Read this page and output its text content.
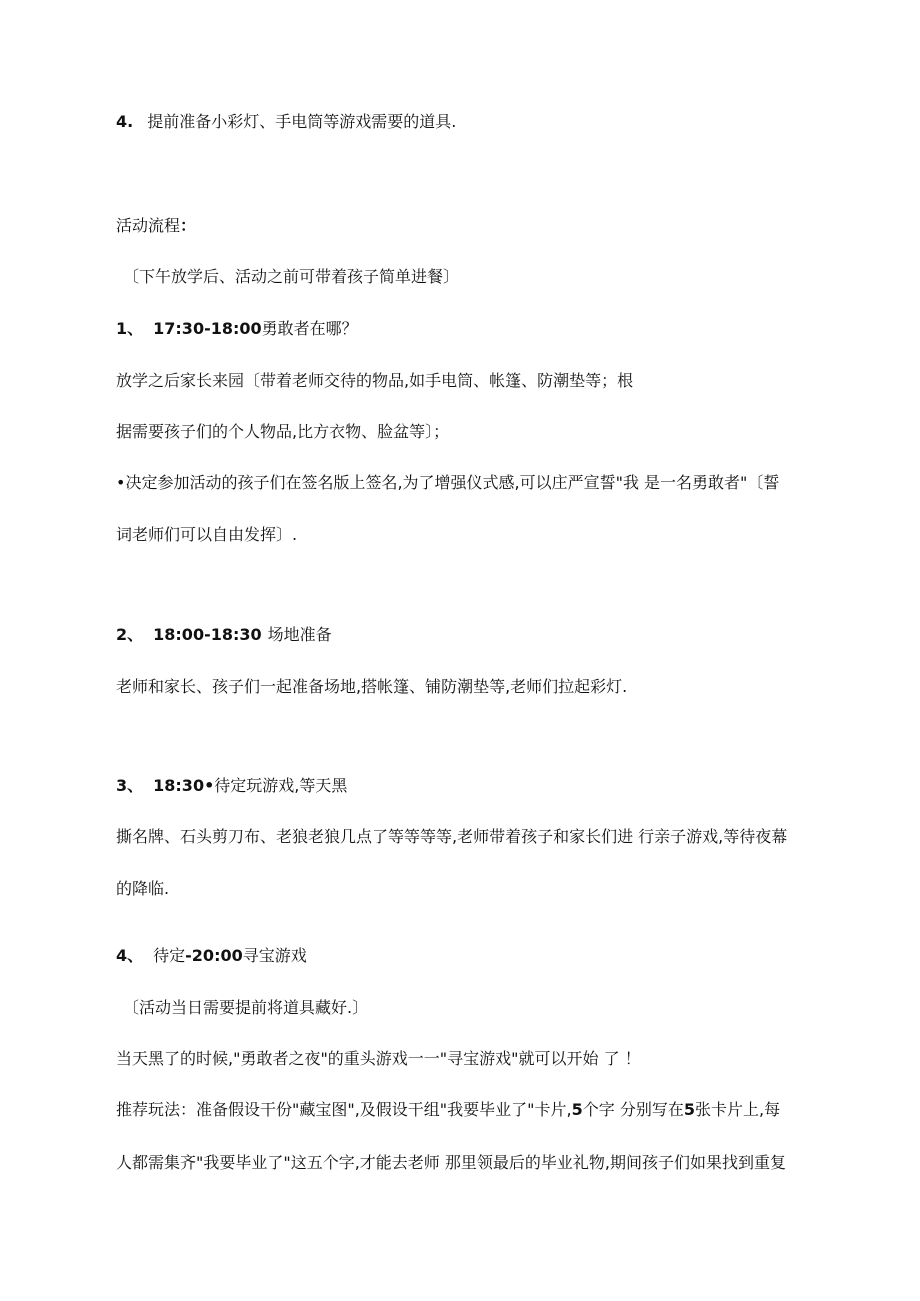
4. 提前准备小彩灯、手电筒等游戏需要的道具.
活动流程：
〔下午放学后、活动之前可带着孩子简单进餐〕
1、 17:30-18:00勇敢者在哪？
放学之后家长来园〔带着老师交待的物品,如手电筒、帐篷、防潮垫等；根
据需要孩子们的个人物品,比方衣物、脸盆等〕；
•决定参加活动的孩子们在签名版上签名,为了增强仪式感,可以庄严宣誓"我 是一名勇敢者"〔誓
词老师们可以自由发挥〕.
2、 18:00-18:30 场地准备
老师和家长、孩子们一起准备场地,搭帐篷、铺防潮垫等,老师们拉起彩灯.
3、 18:30•待定玩游戏,等天黑
撕名牌、石头剪刀布、老狼老狼几点了等等等等,老师带着孩子和家长们进 行亲子游戏,等待夜幕
的降临.
4、 待定-20:00寻宝游戏
〔活动当日需要提前将道具藏好.〕
当天黑了的时候,"勇敢者之夜"的重头游戏一一"寻宝游戏"就可以开始 了 ！
推荐玩法：准备假设干份"藏宝图",及假设干组"我要毕业了"卡片,5个字 分别写在5张卡片上,每
人都需集齐"我要毕业了"这五个字,才能去老师 那里领最后的毕业礼物,期间孩子们如果找到重复
